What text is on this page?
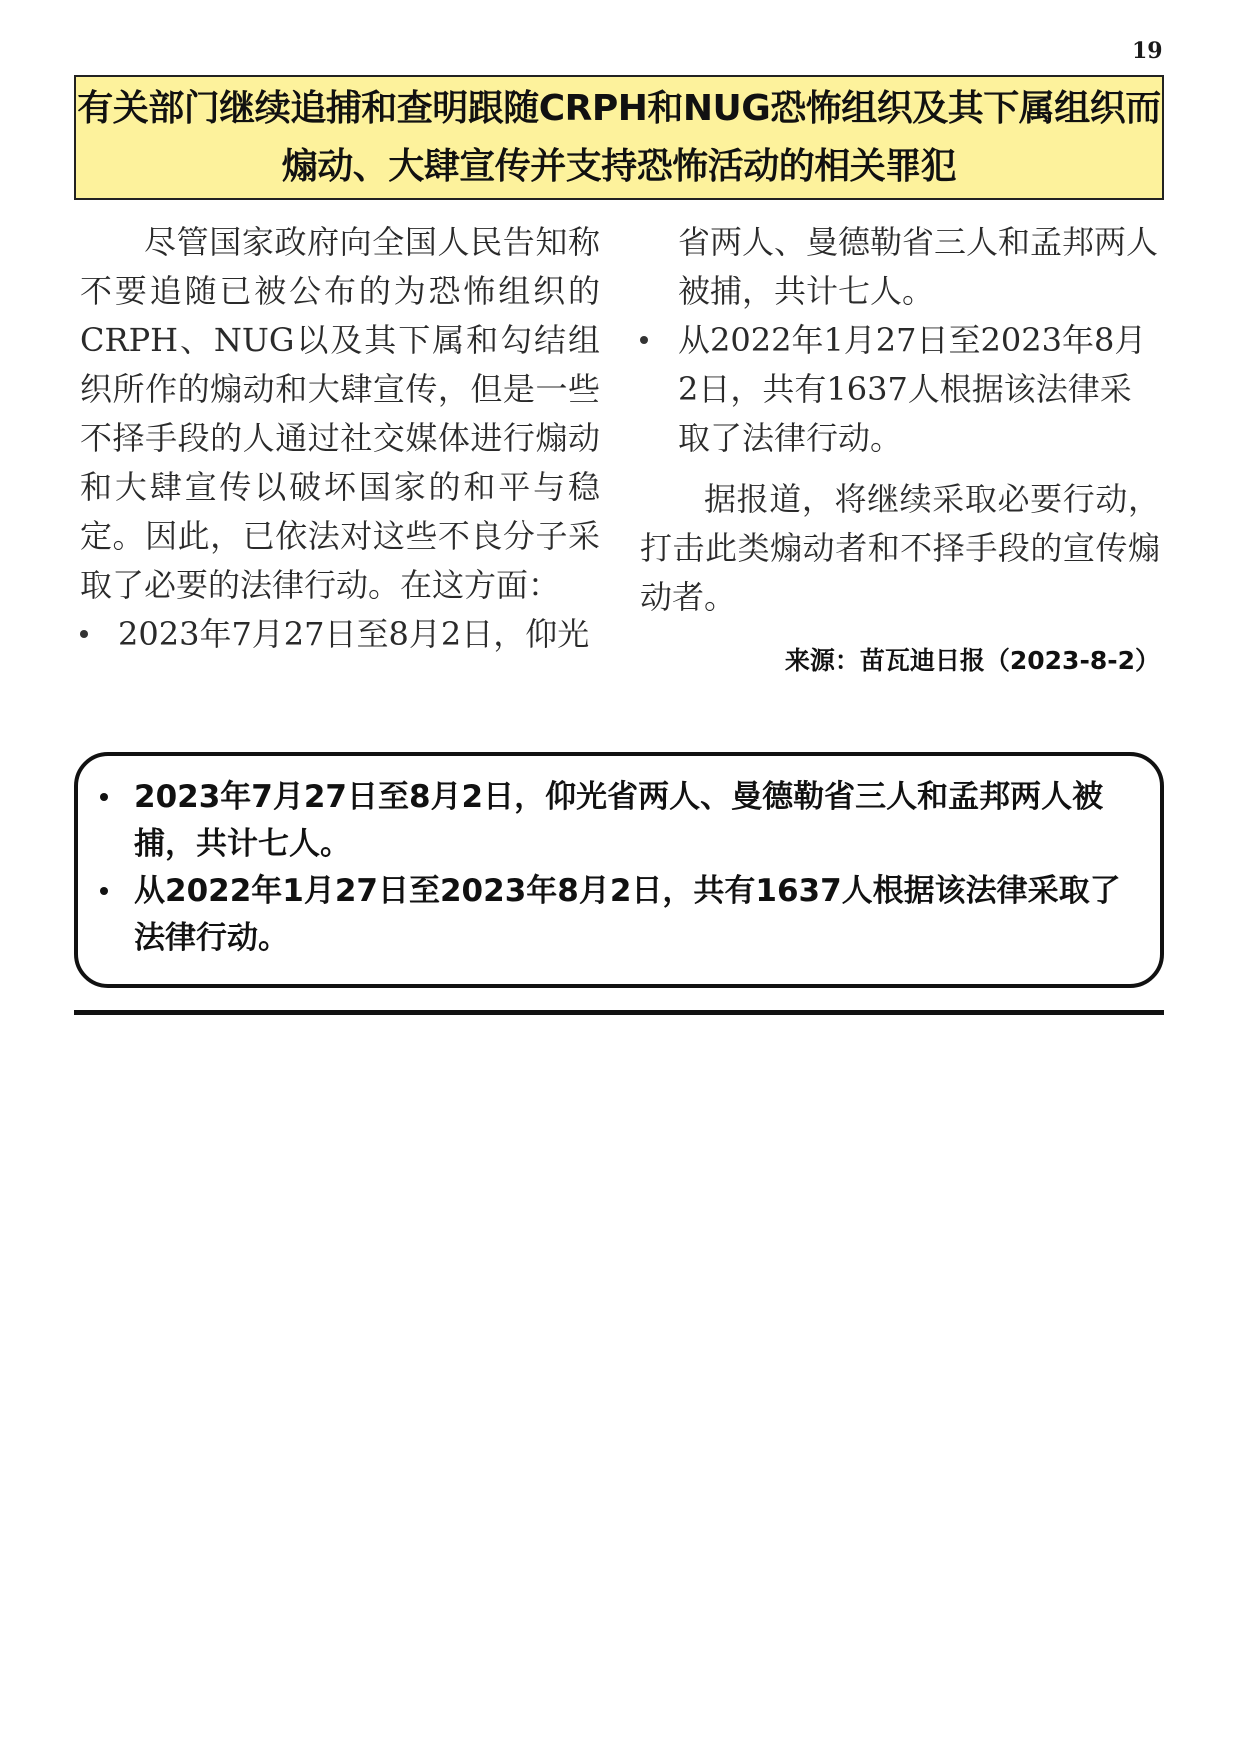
19
有关部门继续追捕和查明跟随CRPH和NUG恐怖组织及其下属组织而
煽动、大肆宣传并支持恐怖活动的相关罪犯

尽管国家政府向全国人民告知称不要追随已被公布的为恐怖组织的CRPH、NUG以及其下属和勾结组织所作的煽动和大肆宣传，但是一些不择手段的人通过社交媒体进行煽动和大肆宣传以破坏国家的和平与稳定。因此，已依法对这些不良分子采取了必要的法律行动。在这方面：

2023年7月27日至8月2日，仰光
省两人、曼德勒省三人和孟邦两人被捕，共计七人。
从2022年1月27日至2023年8月2日，共有1637人根据该法律采取了法律行动。

据报道，将继续采取必要行动，打击此类煽动者和不择手段的宣传煽动者。

来源：苗瓦迪日报（2023-8-2）
2023年7月27日至8月2日，仰光省两人、曼德勒省三人和孟邦两人被捕，共计七人。
从2022年1月27日至2023年8月2日，共有1637人根据该法律采取了法律行动。
